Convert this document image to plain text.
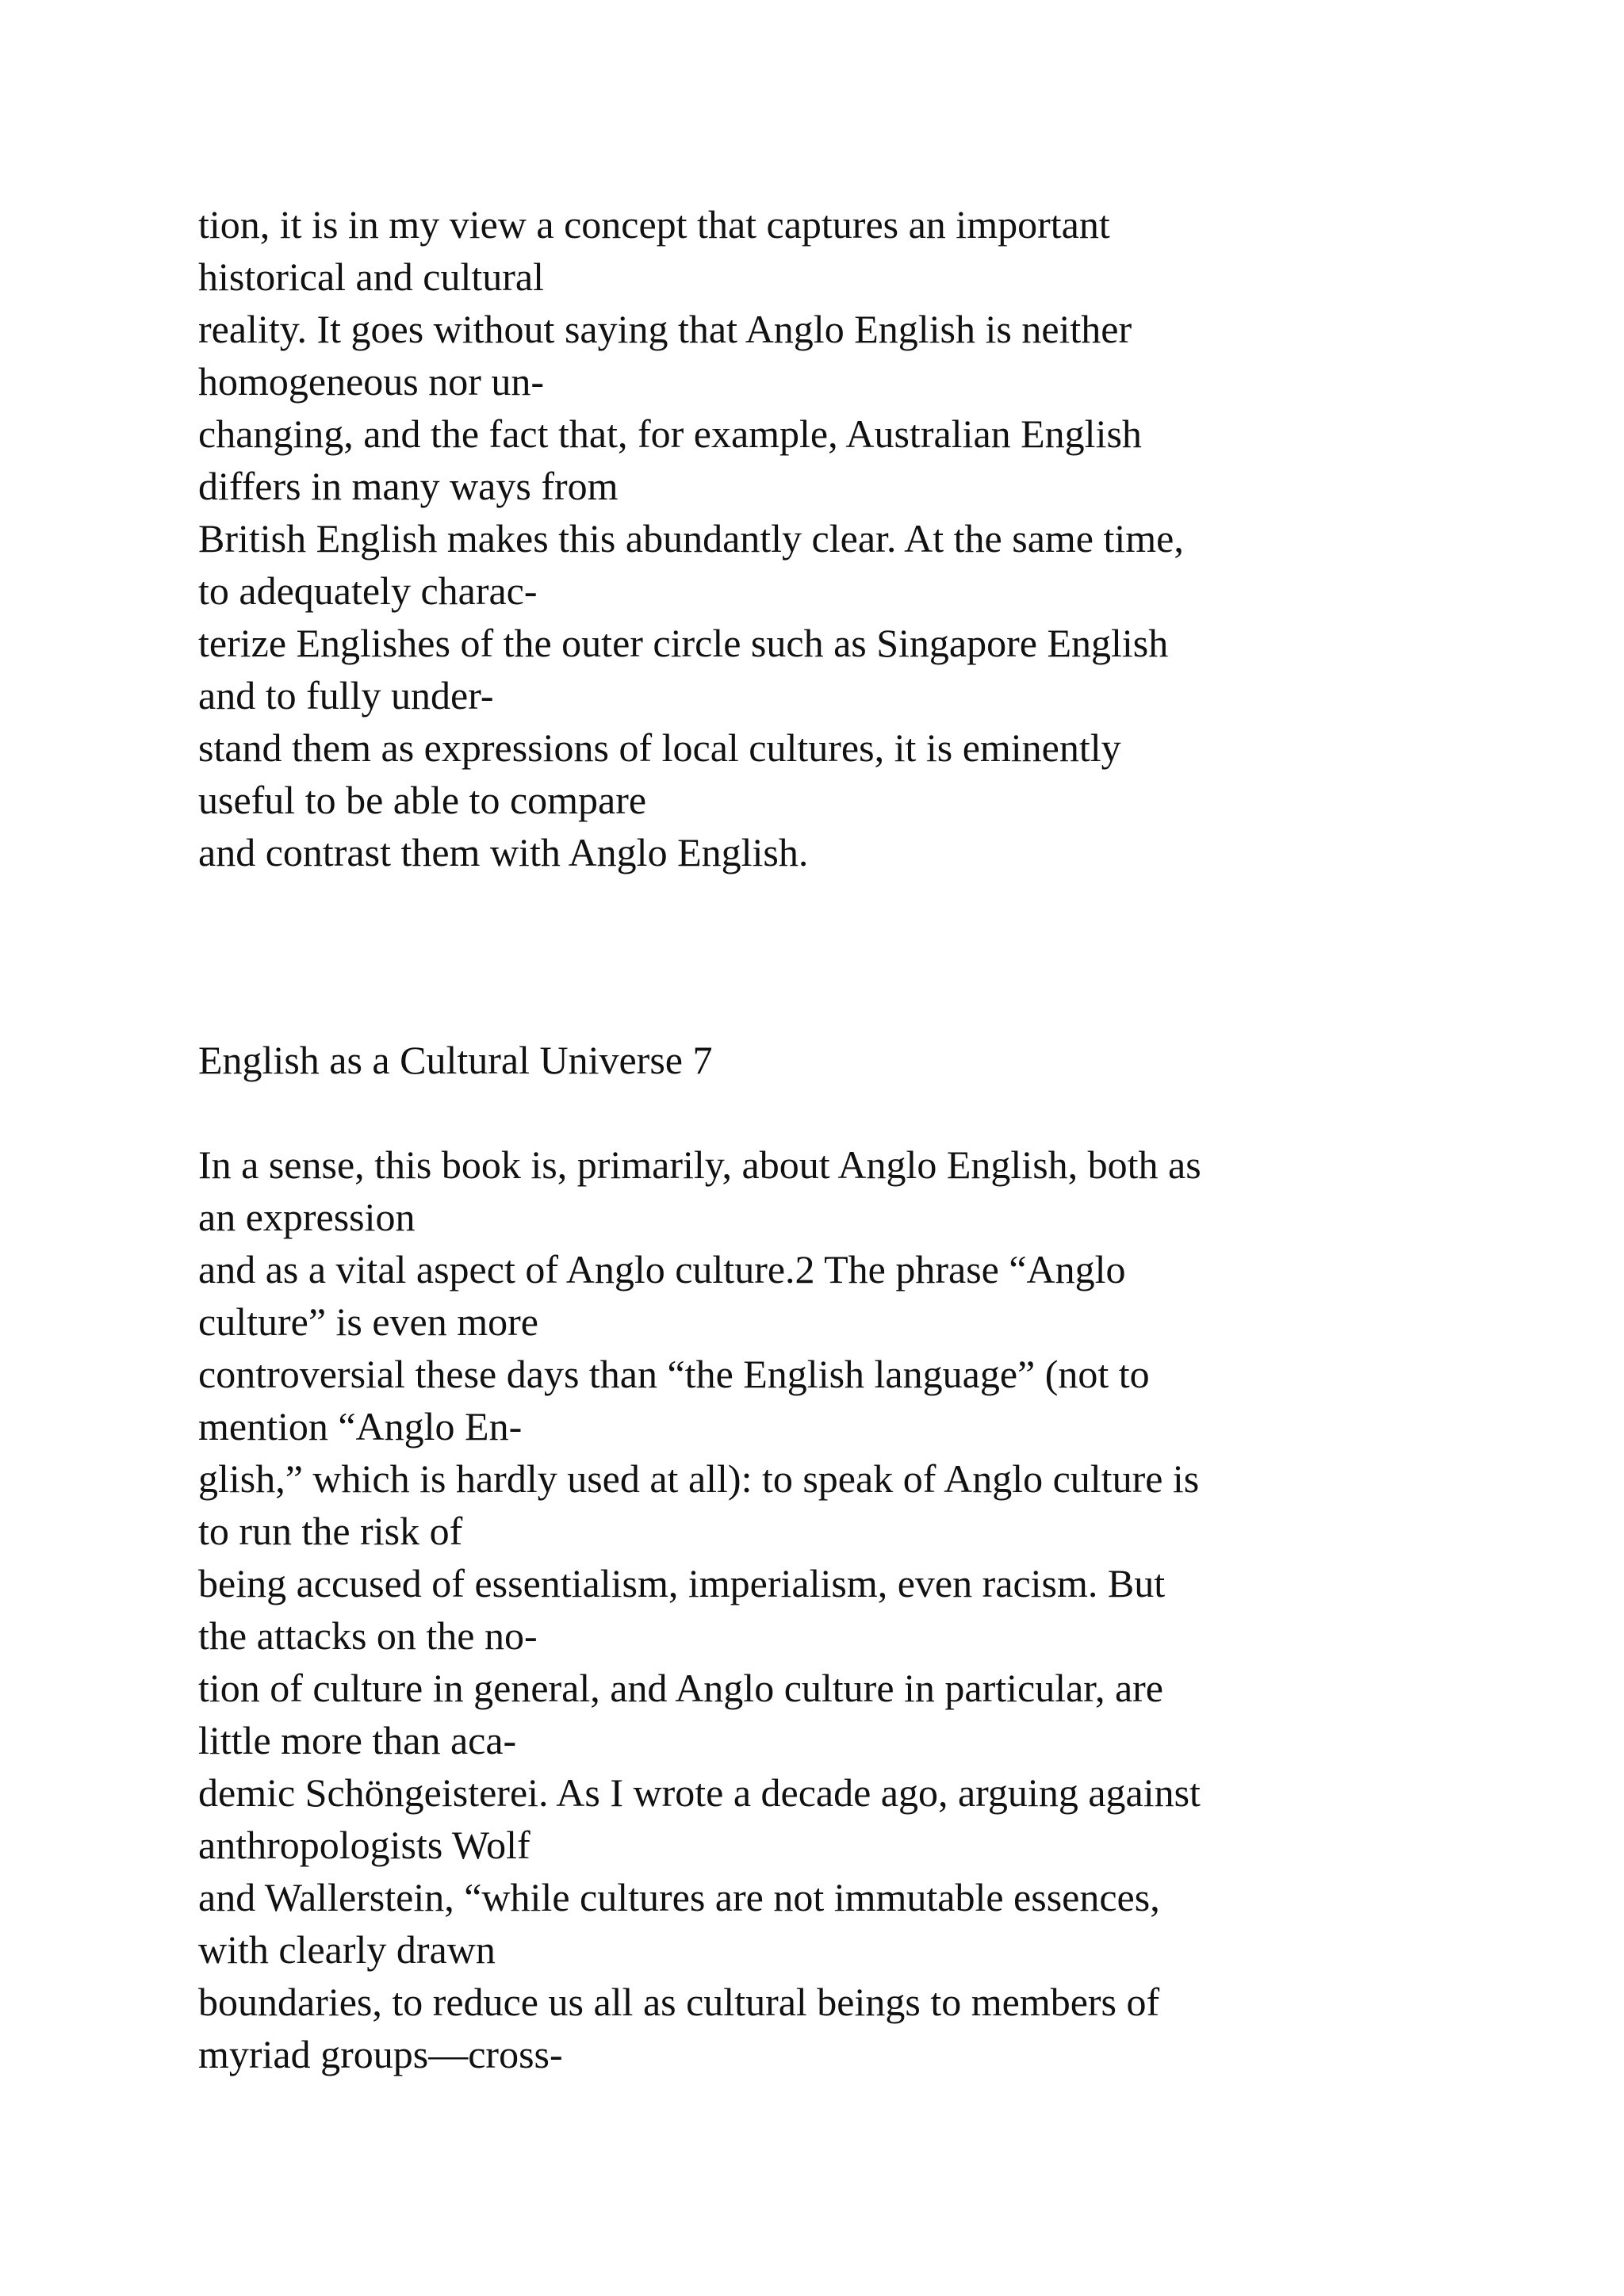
tion, it is in my view a concept that captures an important
historical and cultural
reality. It goes without saying that Anglo English is neither
homogeneous nor un-
changing, and the fact that, for example, Australian English
differs in many ways from
British English makes this abundantly clear. At the same time,
to adequately charac-
terize Englishes of the outer circle such as Singapore English
and to fully under-
stand them as expressions of local cultures, it is eminently
useful to be able to compare
and contrast them with Anglo English.
English as a Cultural Universe 7
In a sense, this book is, primarily, about Anglo English, both as
an expression
and as a vital aspect of Anglo culture.2 The phrase “Anglo
culture” is even more
controversial these days than “the English language” (not to
mention “Anglo En-
glish,” which is hardly used at all): to speak of Anglo culture is
to run the risk of
being accused of essentialism, imperialism, even racism. But
the attacks on the no-
tion of culture in general, and Anglo culture in particular, are
little more than aca-
demic Schöngeisterei. As I wrote a decade ago, arguing against
anthropologists Wolf
and Wallerstein, “while cultures are not immutable essences,
with clearly drawn
boundaries, to reduce us all as cultural beings to members of
myriad groups—cross-
